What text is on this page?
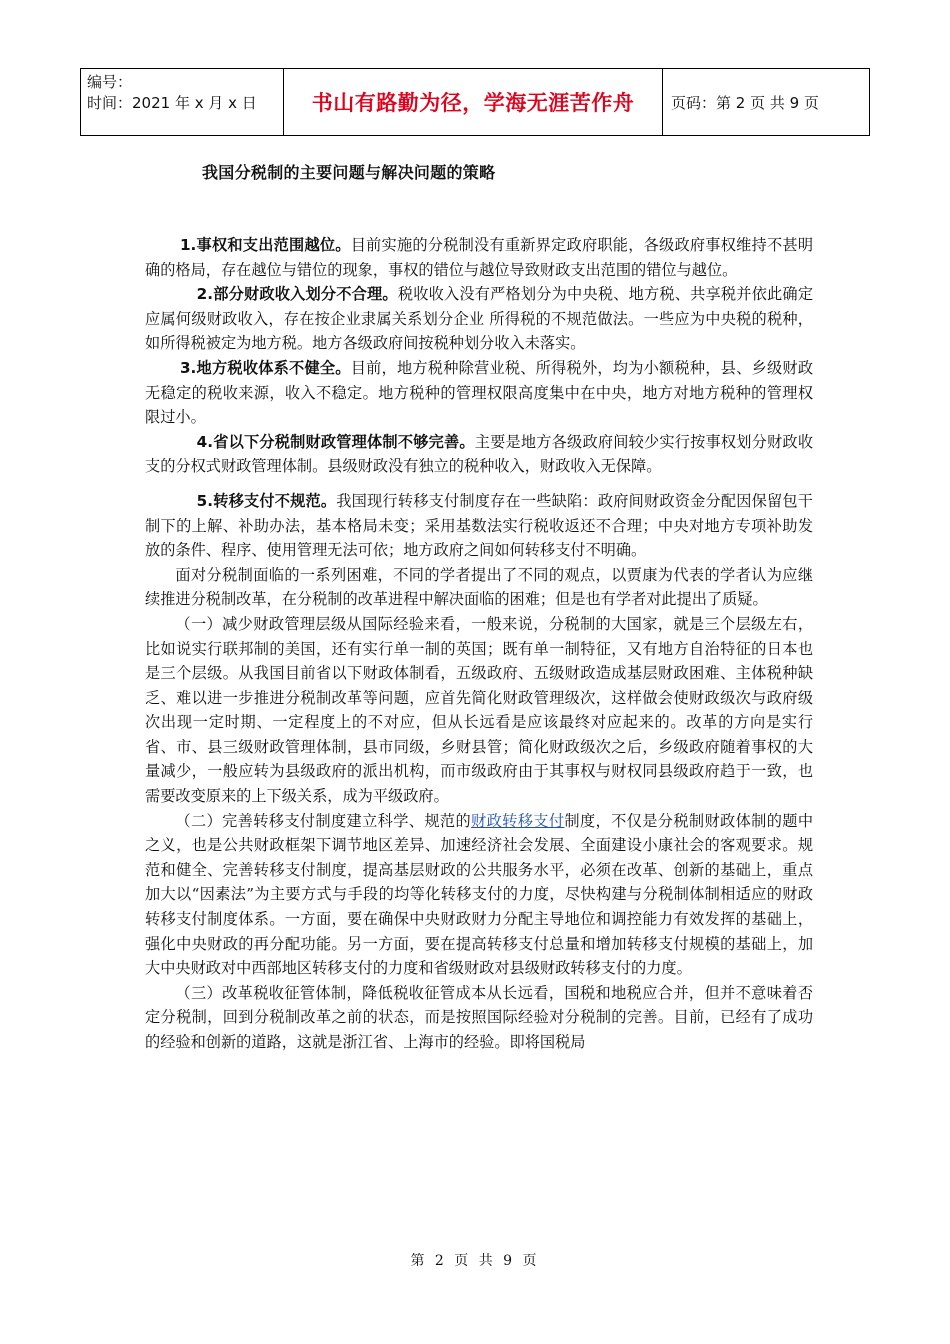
编号：
时间：2021 年 x 月 x 日	书山有路勤为径，学海无涯苦作舟	页码：第 2 页 共 9 页
我国分税制的主要问题与解决问题的策略

1.事权和支出范围越位。目前实施的分税制没有重新界定政府职能，各级政府事权维持不甚明确的格局，存在越位与错位的现象，事权的错位与越位导致财政支出范围的错位与越位。

2.部分财政收入划分不合理。税收收入没有严格划分为中央税、地方税、共享税并依此确定应属何级财政收入，存在按企业隶属关系划分企业 所得税的不规范做法。一些应为中央税的税种，如所得税被定为地方税。地方各级政府间按税种划分收入未落实。

3.地方税收体系不健全。目前，地方税种除营业税、所得税外，均为小额税种，县、乡级财政无稳定的税收来源，收入不稳定。地方税种的管理权限高度集中在中央，地方对地方税种的管理权限过小。

4.省以下分税制财政管理体制不够完善。主要是地方各级政府间较少实行按事权划分财政收支的分权式财政管理体制。县级财政没有独立的税种收入，财政收入无保障。

5.转移支付不规范。我国现行转移支付制度存在一些缺陷：政府间财政资金分配因保留包干制下的上解、补助办法，基本格局未变；采用基数法实行税收返还不合理；中央对地方专项补助发放的条件、程序、使用管理无法可依；地方政府之间如何转移支付不明确。

面对分税制面临的一系列困难，不同的学者提出了不同的观点，以贾康为代表的学者认为应继续推进分税制改革，在分税制的改革进程中解决面临的困难；但是也有学者对此提出了质疑。

（一）减少财政管理层级从国际经验来看，一般来说，分税制的大国家，就是三个层级左右，比如说实行联邦制的美国，还有实行单一制的英国；既有单一制特征，又有地方自治特征的日本也是三个层级。从我国目前省以下财政体制看，五级政府、五级财政造成基层财政困难、主体税种缺乏、难以进一步推进分税制改革等问题，应首先简化财政管理级次，这样做会使财政级次与政府级次出现一定时期、一定程度上的不对应，但从长远看是应该最终对应起来的。改革的方向是实行省、市、县三级财政管理体制，县市同级，乡财县管；简化财政级次之后，乡级政府随着事权的大量减少，一般应转为县级政府的派出机构，而市级政府由于其事权与财权同县级政府趋于一致，也需要改变原来的上下级关系，成为平级政府。

（二）完善转移支付制度建立科学、规范的财政转移支付制度，不仅是分税制财政体制的题中之义，也是公共财政框架下调节地区差异、加速经济社会发展、全面建设小康社会的客观要求。规范和健全、完善转移支付制度，提高基层财政的公共服务水平，必须在改革、创新的基础上，重点加大以“因素法”为主要方式与手段的均等化转移支付的力度，尽快构建与分税制体制相适应的财政转移支付制度体系。一方面，要在确保中央财政财力分配主导地位和调控能力有效发挥的基础上，强化中央财政的再分配功能。另一方面，要在提高转移支付总量和增加转移支付规模的基础上，加大中央财政对中西部地区转移支付的力度和省级财政对县级财政转移支付的力度。

（三）改革税收征管体制，降低税收征管成本从长远看，国税和地税应合并，但并不意味着否定分税制，回到分税制改革之前的状态，而是按照国际经验对分税制的完善。目前，已经有了成功的经验和创新的道路，这就是浙江省、上海市的经验。即将国税局

第 2 页 共 9 页
